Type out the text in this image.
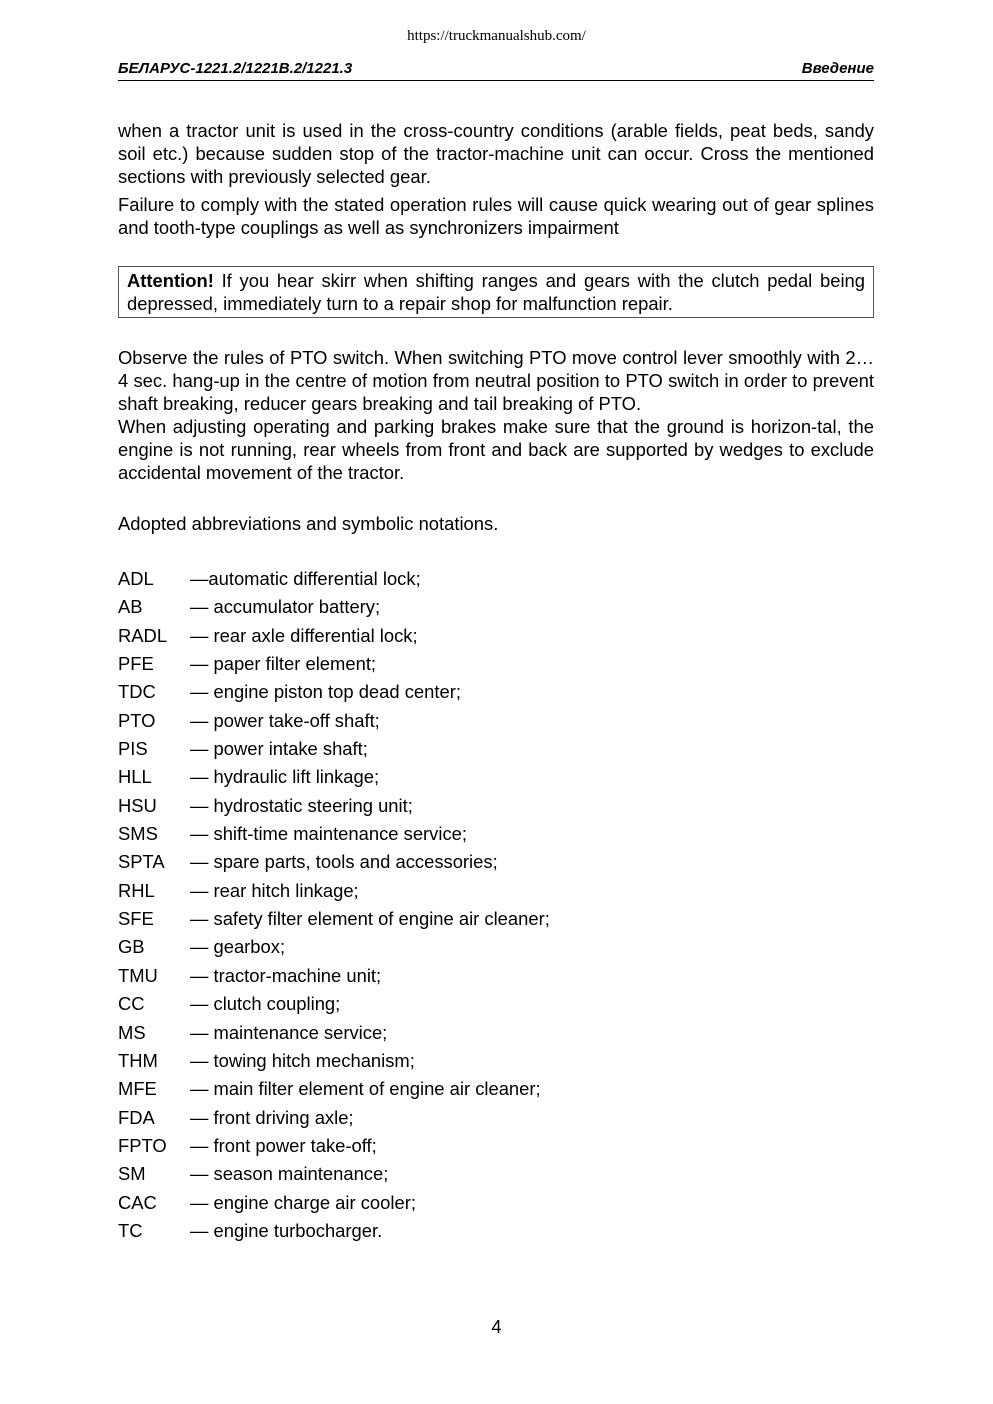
https://truckmanualshub.com/
БЕЛАРУС-1221.2/1221В.2/1221.3	Введение

when a tractor unit is used in the cross-country conditions (arable fields, peat beds, sandy soil etc.) because sudden stop of the tractor-machine unit can occur. Cross the mentioned sections with previously selected gear.

Failure to comply with the stated operation rules will cause quick wearing out of gear splines and tooth-type couplings as well as synchronizers impairment

Attention! If you hear skirr when shifting ranges and gears with the clutch pedal being depressed, immediately turn to a repair shop for malfunction repair.

Observe the rules of PTO switch. When switching PTO move control lever smoothly with 2…4 sec. hang-up in the centre of motion from neutral position to PTO switch in order to prevent shaft breaking, reducer gears breaking and tail breaking of PTO.

When adjusting operating and parking brakes make sure that the ground is horizon-tal, the engine is not running, rear wheels from front and back are supported by wedges to exclude accidental movement of the tractor.

Adopted abbreviations and symbolic notations.

ADL	—automatic differential lock;
AB	— accumulator battery;
RADL	— rear axle differential lock;
PFE	— paper filter element;
TDC	— engine piston top dead center;
PTO	— power take-off shaft;
PIS	— power intake shaft;
HLL	— hydraulic lift linkage;
HSU	— hydrostatic steering unit;
SMS	— shift-time maintenance service;
SPTA	— spare parts, tools and accessories;
RHL	— rear hitch linkage;
SFE	— safety filter element of engine air cleaner;
GB	— gearbox;
TMU	— tractor-machine unit;
CC	— clutch coupling;
MS	— maintenance service;
THM	— towing hitch mechanism;
MFE	— main filter element of engine air cleaner;
FDA	— front driving axle;
FPTO	— front power take-off;
SM	— season maintenance;
CAC	— engine charge air cooler;
TC	— engine turbocharger.
4
